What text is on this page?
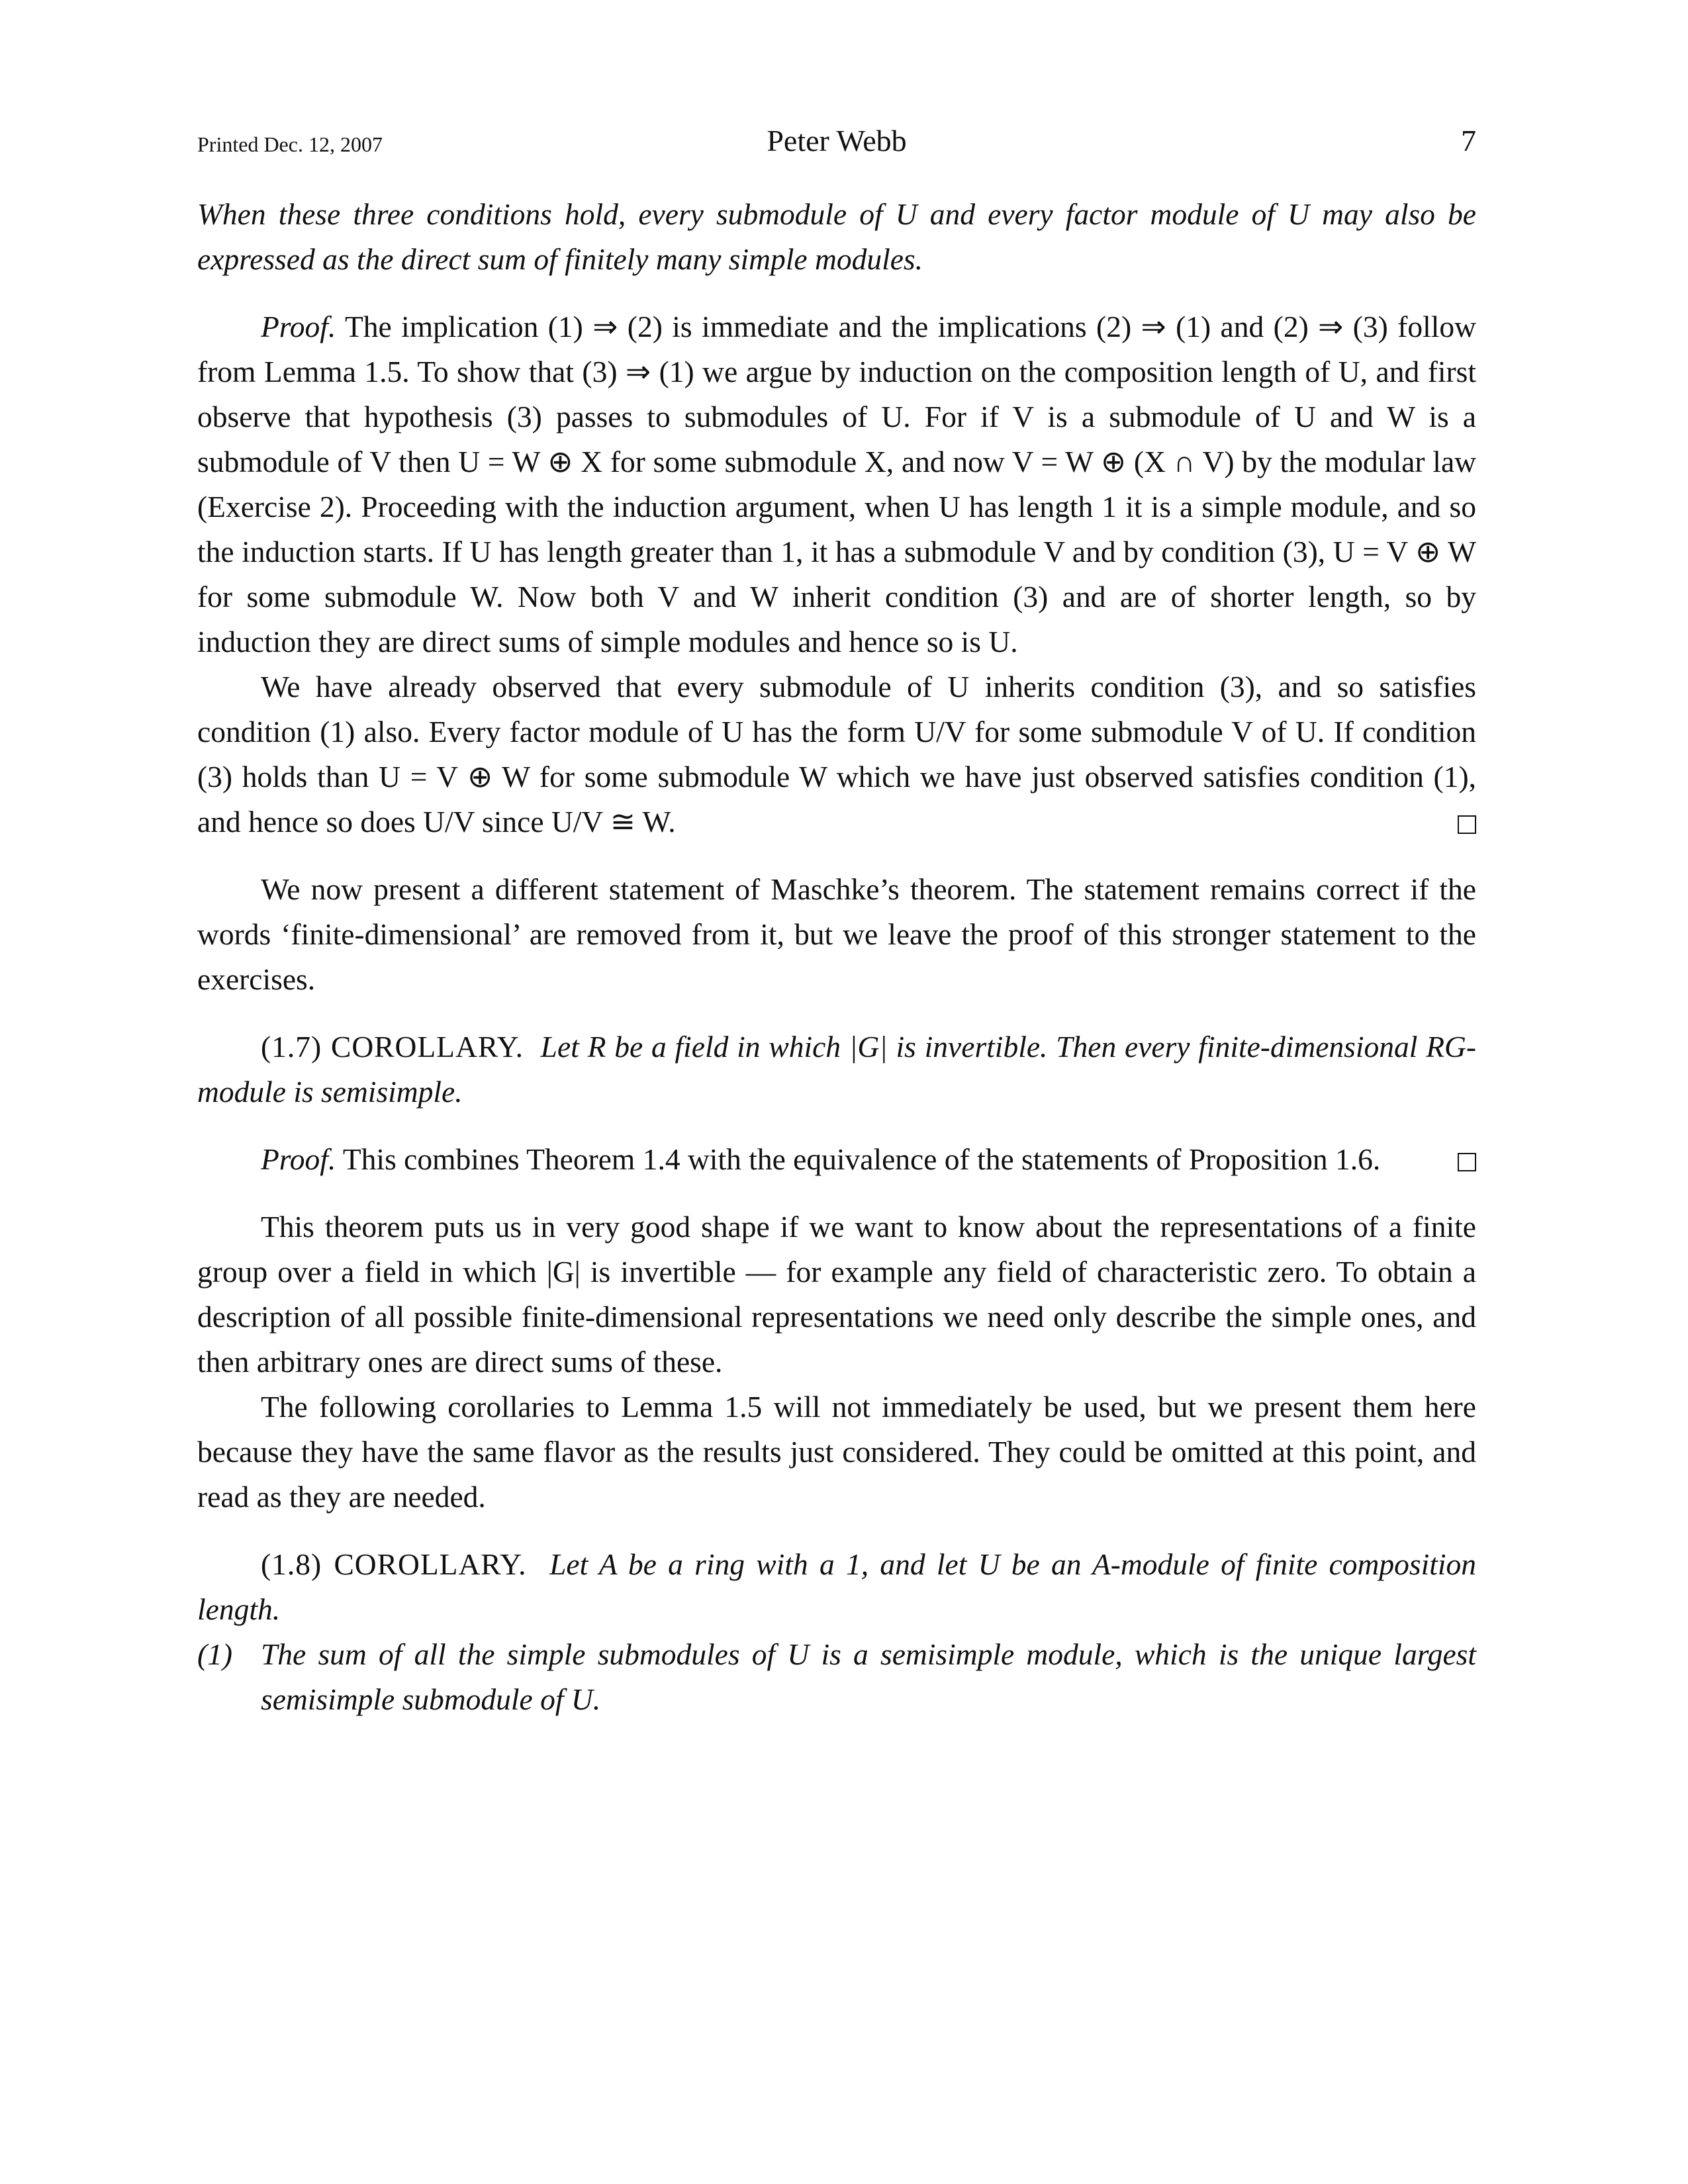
Printed Dec. 12, 2007	Peter Webb	7

When these three conditions hold, every submodule of U and every factor module of U may also be expressed as the direct sum of finitely many simple modules.

Proof. The implication (1) ⇒ (2) is immediate and the implications (2) ⇒ (1) and (2) ⇒ (3) follow from Lemma 1.5. To show that (3) ⇒ (1) we argue by induction on the composition length of U, and first observe that hypothesis (3) passes to submodules of U. For if V is a submodule of U and W is a submodule of V then U = W ⊕ X for some submodule X, and now V = W ⊕ (X ∩ V) by the modular law (Exercise 2). Proceeding with the induction argument, when U has length 1 it is a simple module, and so the induction starts. If U has length greater than 1, it has a submodule V and by condition (3), U = V ⊕ W for some submodule W. Now both V and W inherit condition (3) and are of shorter length, so by induction they are direct sums of simple modules and hence so is U.

We have already observed that every submodule of U inherits condition (3), and so satisfies condition (1) also. Every factor module of U has the form U/V for some submodule V of U. If condition (3) holds than U = V ⊕ W for some submodule W which we have just observed satisfies condition (1), and hence so does U/V since U/V ≅ W.

We now present a different statement of Maschke’s theorem. The statement remains correct if the words ‘finite-dimensional’ are removed from it, but we leave the proof of this stronger statement to the exercises.

(1.7) COROLLARY. Let R be a field in which |G| is invertible. Then every finite-dimensional RG-module is semisimple.

Proof. This combines Theorem 1.4 with the equivalence of the statements of Proposition 1.6.

This theorem puts us in very good shape if we want to know about the representations of a finite group over a field in which |G| is invertible — for example any field of characteristic zero. To obtain a description of all possible finite-dimensional representations we need only describe the simple ones, and then arbitrary ones are direct sums of these.

The following corollaries to Lemma 1.5 will not immediately be used, but we present them here because they have the same flavor as the results just considered. They could be omitted at this point, and read as they are needed.

(1.8) COROLLARY. Let A be a ring with a 1, and let U be an A-module of finite composition length.

(1) The sum of all the simple submodules of U is a semisimple module, which is the unique largest semisimple submodule of U.
